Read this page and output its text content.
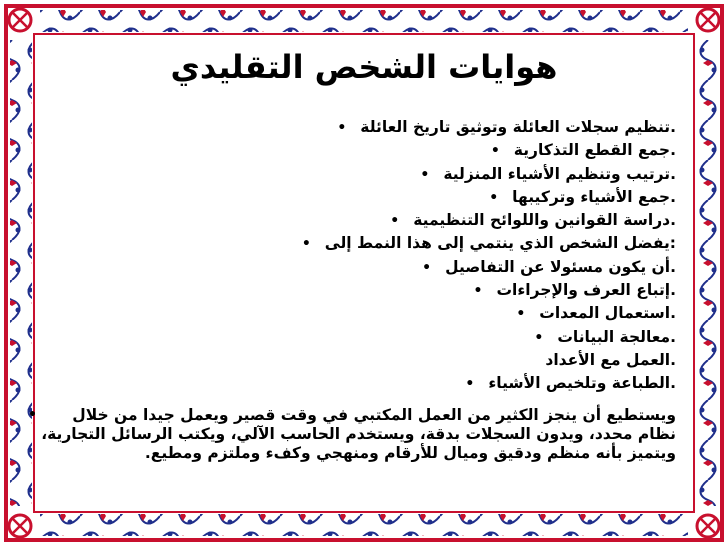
هوايات الشخص التقليدي
.تنظيم سجلات العائلة وتوثيق تاريخ العائلة•
.جمع القطع التذكارية•
.ترتيب وتنظيم الأشياء المنزلية•
.جمع الأشياء وتركيبها•
.دراسة القوانين واللوائح التنظيمية•
:يفضل الشخص الذي ينتمي إلى هذا النمط إلى•
.أن يكون مسئولا عن التفاصيل•
.إتباع العرف والإجراءات•
.استعمال المعدات•
.معالجة البيانات•
.العمل مع الأعداد
.الطباعة وتلخيص الأشياء•

ويستطيع أن ينجز الكثير من العمل المكتبي في وقت قصير ويعمل جيدا من خلال نظام محدد، ويدون السجلات بدقة، ويستخدم الحاسب الآلي، ويكتب الرسائل التجارية، ويتميز بأنه منظم ودقيق وميال للأرقام ومنهجي وكفء وملتزم ومطيع.

•
